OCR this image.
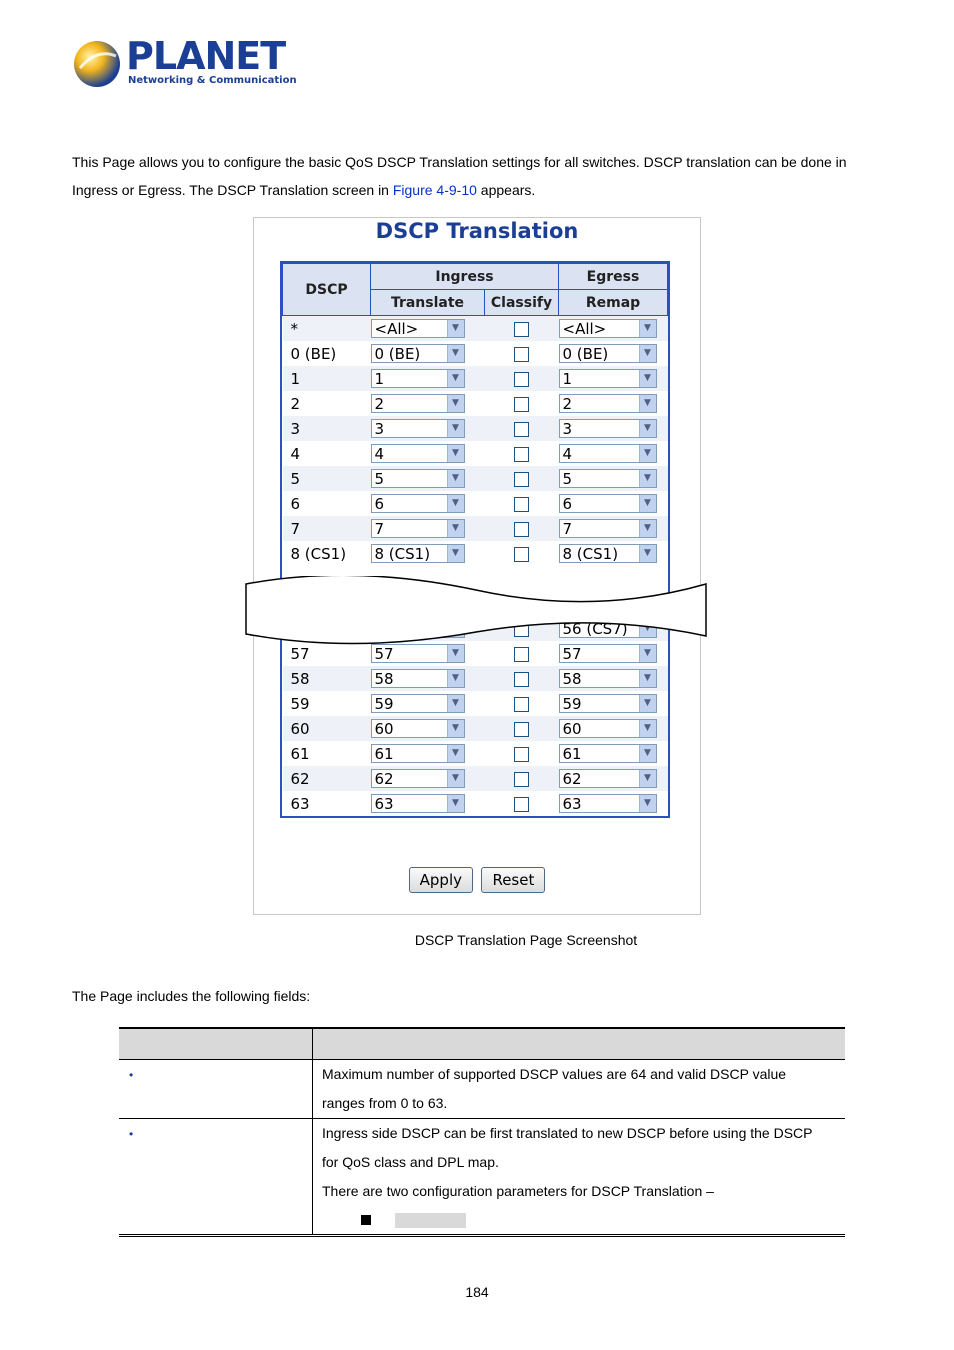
PLANET
Networking & Communication
This Page allows you to configure the basic QoS DSCP Translation settings for all switches. DSCP translation can be done in Ingress or Egress. The DSCP Translation screen in Figure 4-9-10 appears.
DSCP Translation
DSCP	Ingress		Egress
	Translate	Classify	Remap
*	<All> ▼		<All> ▼

0 (BE)	0 (BE) ▼		0 (BE) ▼

1	1 ▼		1 ▼

2	2 ▼		2 ▼

3	3 ▼		3 ▼

4	4 ▼		4 ▼

5	5 ▼		5 ▼

6	6 ▼		6 ▼

7	7 ▼		7 ▼

8 (CS1)	8 (CS1) ▼		8 (CS1) ▼

56 (CS7) ▼

57	57 ▼		57 ▼

58	58 ▼		58 ▼

59	59 ▼		59 ▼

60	60 ▼		60 ▼

61	61 ▼		61 ▼

62	62 ▼		62 ▼

63	63 ▼		63 ▼
Apply Reset
DSCP Translation Page Screenshot
The Page includes the following fields:

•	Maximum number of supported DSCP values are 64 and valid DSCP value

ranges from 0 to 63.

•	Ingress side DSCP can be first translated to new DSCP before using the DSCP

for QoS class and DPL map.

There are two configuration parameters for DSCP Translation –

184
